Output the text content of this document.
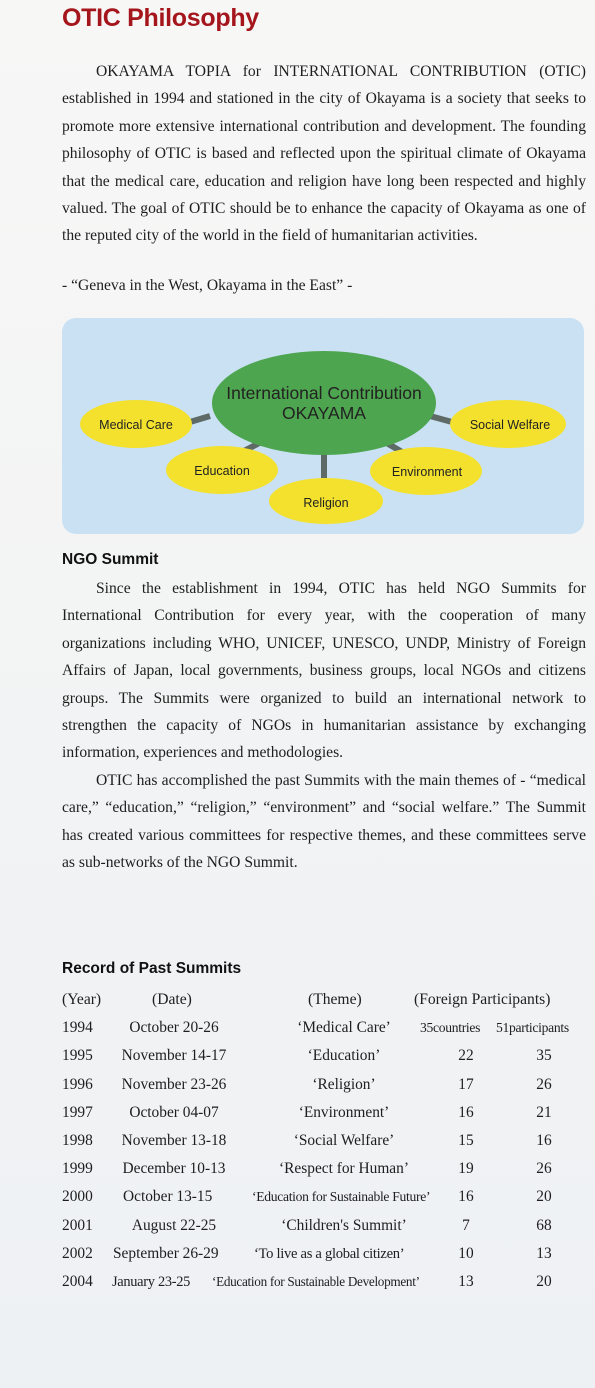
OTIC Philosophy

OKAYAMA TOPIA for INTERNATIONAL CONTRIBUTION (OTIC) established in 1994 and stationed in the city of Okayama is a society that seeks to promote more extensive international contribution and development. The founding philosophy of OTIC is based and reflected upon the spiritual climate of Okayama that the medical care, education and religion have long been respected and highly valued. The goal of OTIC should be to enhance the capacity of Okayama as one of the reputed city of the world in the field of humanitarian activities.

- “Geneva in the West, Okayama in the East” -
International Contribution
OKAYAMA
Medical Care	Social Welfare
Education	Environment
Religion
NGO Summit

Since the establishment in 1994, OTIC has held NGO Summits for International Contribution for every year, with the cooperation of many organizations including WHO, UNICEF, UNESCO, UNDP, Ministry of Foreign Affairs of Japan, local governments, business groups, local NGOs and citizens groups. The Summits were organized to build an international network to strengthen the capacity of NGOs in humanitarian assistance by exchanging information, experiences and methodologies.

OTIC has accomplished the past Summits with the main themes of - “medical care,” “education,” “religion,” “environment” and “social welfare.” The Summit has created various committees for respective themes, and these committees serve as sub-networks of the NGO Summit.

Record of Past Summits
(Year)	(Date)	(Theme)	(Foreign Participants)
1994	October 20-26	‘Medical Care’	35countries 51participants
1995	November 14-17	‘Education’	22	35
1996	November 23-26	‘Religion’	17	26
1997	October 04-07	‘Environment’	16	21
1998	November 13-18	‘Social Welfare’	15	16
1999	December 10-13	‘Respect for Human’	19	26
2000 October 13-15	‘Education for Sustainable Future’	16	20
2001	August 22-25	‘Children's Summit’	7	68
2002 September 26-29 ‘To live as a global citizen’	10	13
2004 January 23-25 ‘Education for Sustainable Development’	13	20
